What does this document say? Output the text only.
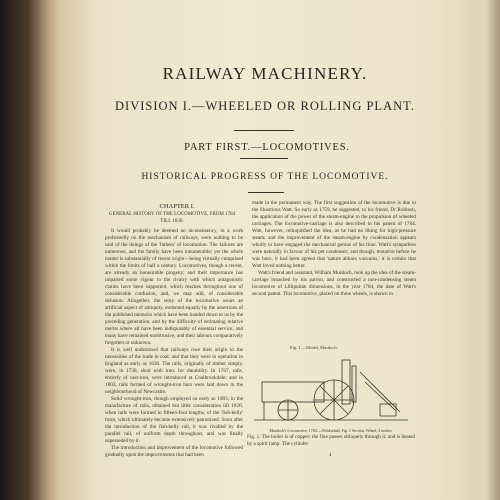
RAILWAY MACHINERY.
DIVISION I.—WHEELED OR ROLLING PLANT.
PART FIRST.—LOCOMOTIVES.
HISTORICAL PROGRESS OF THE LOCOMOTIVE.
CHAPTER I.
GENERAL HISTORY OF THE LOCOMOTIVE, FROM 1784 TILL 1830.

It would probably be deemed an inconsistency, in a work professedly on the mechanism of railways, were nothing to be said of the doings of the 'fathers' of locomotion. The failures are numerous, and the family have been innumerable; yet the whole matter is substantially of recent origin—being virtually comprised within the limits of half a century. Locomotives, though a recent, are already an honourable progeny; and their importance has imparted some vigour to the rivalry with which antagonistic claims have been supported, which reaches throughout one of considerable confusion, and, we may add, of considerable delusion. Altogether, the story of the locomotive wears an artificial aspect of antiquity, endorsed equally by the assertions of the published memoirs which have been handed down to us by the preceding generation, and by the difficulty of estimating relative merits where all have been indisputably of essential service, and many have remained unobtrusive, and their labours comparatively forgotten or unknown.

It is well understood that railways owe their origin to the necessities of the trade in coal, and that they were in operation in England as early as 1630. The rails, originally of timber simply, were, in 1738, shod with iron, for durability. In 1767, rails, entirely of cast-iron, were introduced at Coalbrookdale; and in 1803, rails formed of wrought-iron bars were laid down in the neighbourhood of Newcastle.

Solid wrought-iron, though employed so early as 1803, in the manufacture of rails, obtained but little consideration till 1820, when rails were formed in fifteen-foot lengths, of the 'fish-belly' form, which ultimately became extensively patronized. Soon after the introduction of the fish-belly rail, it was rivalled by the parallel rail, of uniform depth throughout, and was finally superseded by it.

The introduction and improvement of the locomotive followed gradually upon the improvements that had been

made in the permanent way. The first suggestion of the locomotive is due to the illustrious Watt. So early as 1759, he suggested, to his friend, Dr Robison, the application of the power of the steam-engine to the propulsion of wheeled carriages. The locomotive-carriage is also described in his patent of 1784. Watt, however, relinquished the idea, as he had no liking for high-pressure steam; and the improvement of the steam-engine by condensation appears wholly to have engaged the mechanical genius of his time. Watt's sympathies were naturally in favour of his pet condenser; and though, tentative before he was born, it had been agreed that 'nature abhors vacuums,' it is certain that Watt loved nothing better.

Watt's friend and assistant, William Murdoch, took up the idea of the steam-carriage broached by his patron, and constructed a non-condensing steam locomotive of Lilliputian dimensions, in the year 1784, the date of Watt's second patent. This locomotive, placed on three wheels, is shown in

Fig. 1.—Model, Murdoch.
Murdoch's Locomotive, 1784.—Wildoxhall, Fig. 1 Section. Wheel, 3 inches.
Fig. 1. The boiler is of copper; the flue passes obliquely through it, and is heated by a spirit lamp. The cylinder
4
